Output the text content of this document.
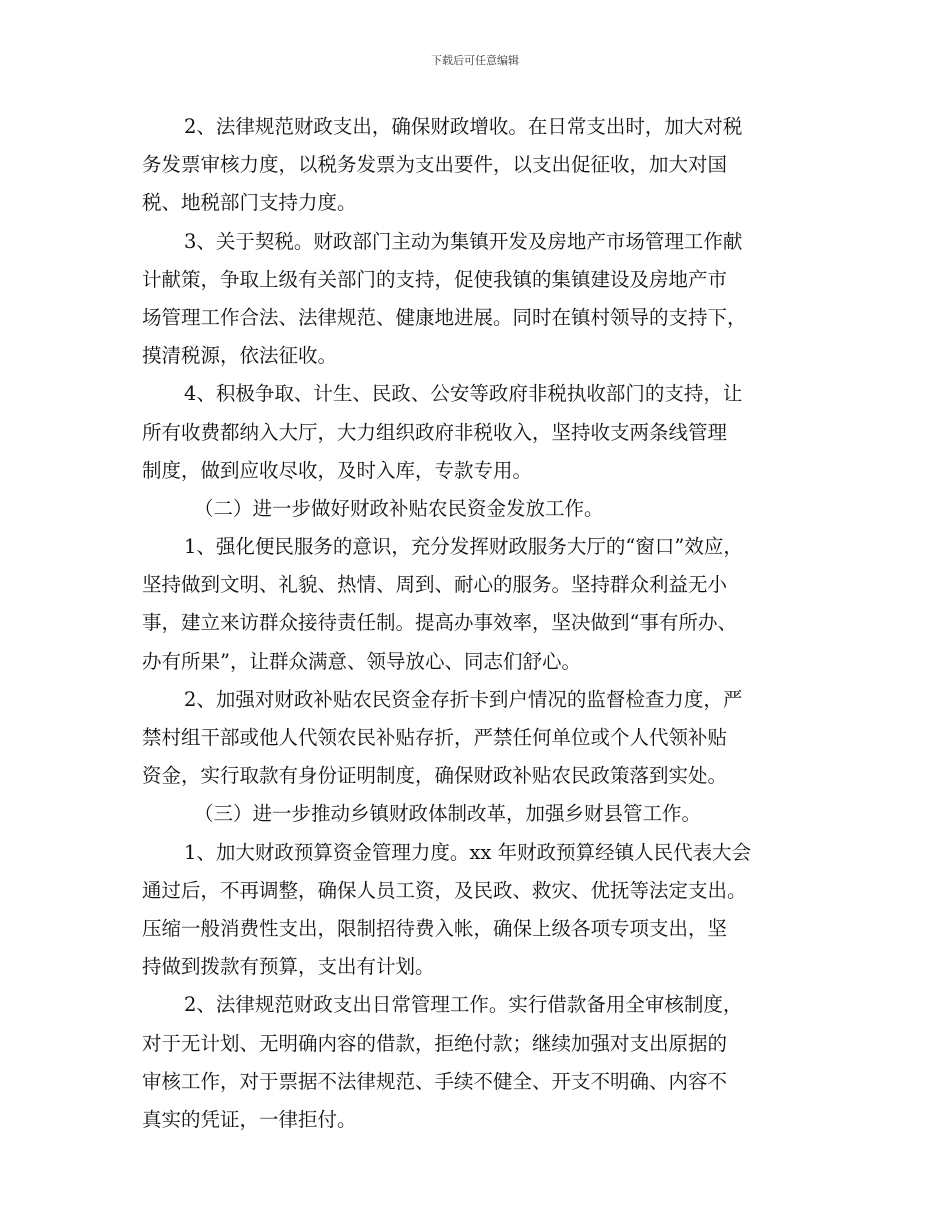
下载后可任意编辑
2、法律规范财政支出，确保财政增收。在日常支出时，加大对税
务发票审核力度，以税务发票为支出要件，以支出促征收，加大对国
税、地税部门支持力度。
3、关于契税。财政部门主动为集镇开发及房地产市场管理工作献
计献策，争取上级有关部门的支持，促使我镇的集镇建设及房地产市
场管理工作合法、法律规范、健康地进展。同时在镇村领导的支持下，
摸清税源，依法征收。
4、积极争取、计生、民政、公安等政府非税执收部门的支持，让
所有收费都纳入大厅，大力组织政府非税收入，坚持收支两条线管理
制度，做到应收尽收，及时入库，专款专用。
（二）进一步做好财政补贴农民资金发放工作。
1、强化便民服务的意识，充分发挥财政服务大厅的“窗口”效应，
坚持做到文明、礼貌、热情、周到、耐心的服务。坚持群众利益无小
事，建立来访群众接待责任制。提高办事效率，坚决做到“事有所办、
办有所果”，让群众满意、领导放心、同志们舒心。
2、加强对财政补贴农民资金存折卡到户情况的监督检查力度，严
禁村组干部或他人代领农民补贴存折，严禁任何单位或个人代领补贴
资金，实行取款有身份证明制度，确保财政补贴农民政策落到实处。
（三）进一步推动乡镇财政体制改革，加强乡财县管工作。
1、加大财政预算资金管理力度。xx 年财政预算经镇人民代表大会
通过后，不再调整，确保人员工资，及民政、救灾、优抚等法定支出。
压缩一般消费性支出，限制招待费入帐，确保上级各项专项支出，坚
持做到拨款有预算，支出有计划。
2、法律规范财政支出日常管理工作。实行借款备用全审核制度，
对于无计划、无明确内容的借款，拒绝付款；继续加强对支出原据的
审核工作，对于票据不法律规范、手续不健全、开支不明确、内容不
真实的凭证，一律拒付。
